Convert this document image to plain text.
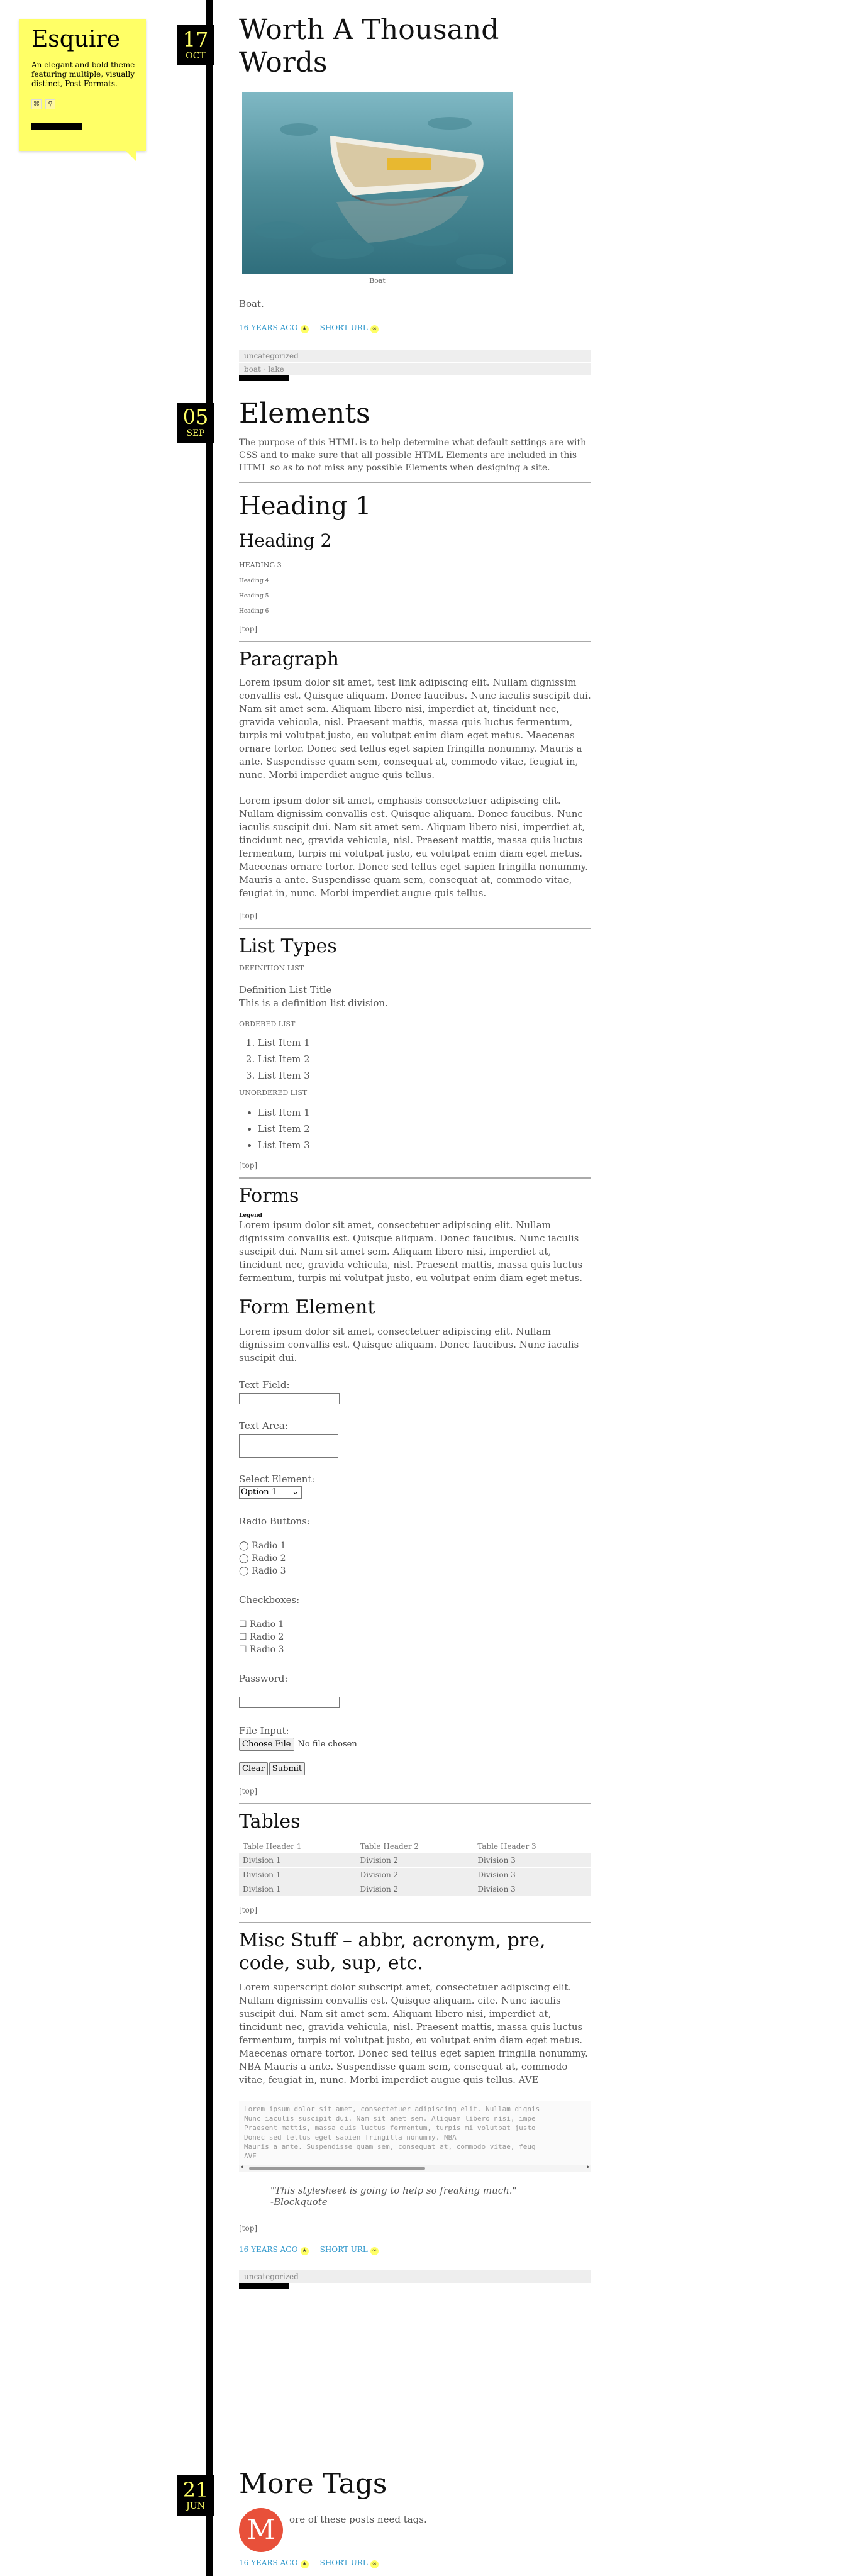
Esquire
An elegant and bold theme featuring multiple, visually distinct, Post Formats.
⌘	⚲
17
OCT
Worth A Thousand Words
Boat

Boat.

16 YEARS AGO ★ SHORT URL ∞
uncategorized
boat · lake
05
SEP
Elements

The purpose of this HTML is to help determine what default settings are with CSS and to make sure that all possible HTML Elements are included in this HTML so as to not miss any possible Elements when designing a site.

Heading 1
Heading 2
HEADING 3
Heading 4
Heading 5
Heading 6
[top]
Paragraph

Lorem ipsum dolor sit amet, test link adipiscing elit. Nullam dignissim convallis est. Quisque aliquam. Donec faucibus. Nunc iaculis suscipit dui. Nam sit amet sem. Aliquam libero nisi, imperdiet at, tincidunt nec, gravida vehicula, nisl. Praesent mattis, massa quis luctus fermentum, turpis mi volutpat justo, eu volutpat enim diam eget metus. Maecenas ornare tortor. Donec sed tellus eget sapien fringilla nonummy. Mauris a ante. Suspendisse quam sem, consequat at, commodo vitae, feugiat in, nunc. Morbi imperdiet augue quis tellus.

Lorem ipsum dolor sit amet, emphasis consectetuer adipiscing elit. Nullam dignissim convallis est. Quisque aliquam. Donec faucibus. Nunc iaculis suscipit dui. Nam sit amet sem. Aliquam libero nisi, imperdiet at, tincidunt nec, gravida vehicula, nisl. Praesent mattis, massa quis luctus fermentum, turpis mi volutpat justo, eu volutpat enim diam eget metus. Maecenas ornare tortor. Donec sed tellus eget sapien fringilla nonummy. Mauris a ante. Suspendisse quam sem, consequat at, commodo vitae, feugiat in, nunc. Morbi imperdiet augue quis tellus.

[top]
List Types
DEFINITION LIST
Definition List Title
This is a definition list division.
ORDERED LIST
1. List Item 1
2. List Item 2
3. List Item 3
UNORDERED LIST
• List Item 1
• List Item 2
• List Item 3
[top]
Forms
Legend

Lorem ipsum dolor sit amet, consectetuer adipiscing elit. Nullam dignissim convallis est. Quisque aliquam. Donec faucibus. Nunc iaculis suscipit dui. Nam sit amet sem. Aliquam libero nisi, imperdiet at, tincidunt nec, gravida vehicula, nisl. Praesent mattis, massa quis luctus fermentum, turpis mi volutpat justo, eu volutpat enim diam eget metus.

Form Element

Lorem ipsum dolor sit amet, consectetuer adipiscing elit. Nullam dignissim convallis est. Quisque aliquam. Donec faucibus. Nunc iaculis suscipit dui.

Text Field:
Text Area:
Select Element:
Option 1 ⌄
Radio Buttons:
◯ Radio 1
◯ Radio 2
◯ Radio 3
Checkboxes:
☐ Radio 1
☐ Radio 2
☐ Radio 3
Password:
File Input:
Choose File No file chosen
Clear Submit
[top]
Tables
Table Header 1	Table Header 2	Table Header 3
Division 1	Division 2	Division 3
Division 1	Division 2	Division 3
Division 1	Division 2	Division 3
[top]
Misc Stuff – abbr, acronym, pre, code, sub, sup, etc.

Lorem superscript dolor subscript amet, consectetuer adipiscing elit. Nullam dignissim convallis est. Quisque aliquam. cite. Nunc iaculis suscipit dui. Nam sit amet sem. Aliquam libero nisi, imperdiet at, tincidunt nec, gravida vehicula, nisl. Praesent mattis, massa quis luctus fermentum, turpis mi volutpat justo, eu volutpat enim diam eget metus. Maecenas ornare tortor. Donec sed tellus eget sapien fringilla nonummy. NBA Mauris a ante. Suspendisse quam sem, consequat at, commodo vitae, feugiat in, nunc. Morbi imperdiet augue quis tellus. AVE

Lorem ipsum dolor sit amet, consectetuer adipiscing elit. Nullam dignis
Nunc iaculis suscipit dui. Nam sit amet sem. Aliquam libero nisi, impe
Praesent mattis, massa quis luctus fermentum, turpis mi volutpat justo
Donec sed tellus eget sapien fringilla nonummy. NBA
Mauris a ante. Suspendisse quam sem, consequat at, commodo vitae, feug
AVE
◂	▸
"This stylesheet is going to help so freaking much."
-Blockquote
[top]
16 YEARS AGO ★ SHORT URL ∞
uncategorized
21
JUN
More Tags
M	ore of these posts need tags.
16 YEARS AGO ★ SHORT URL ∞
